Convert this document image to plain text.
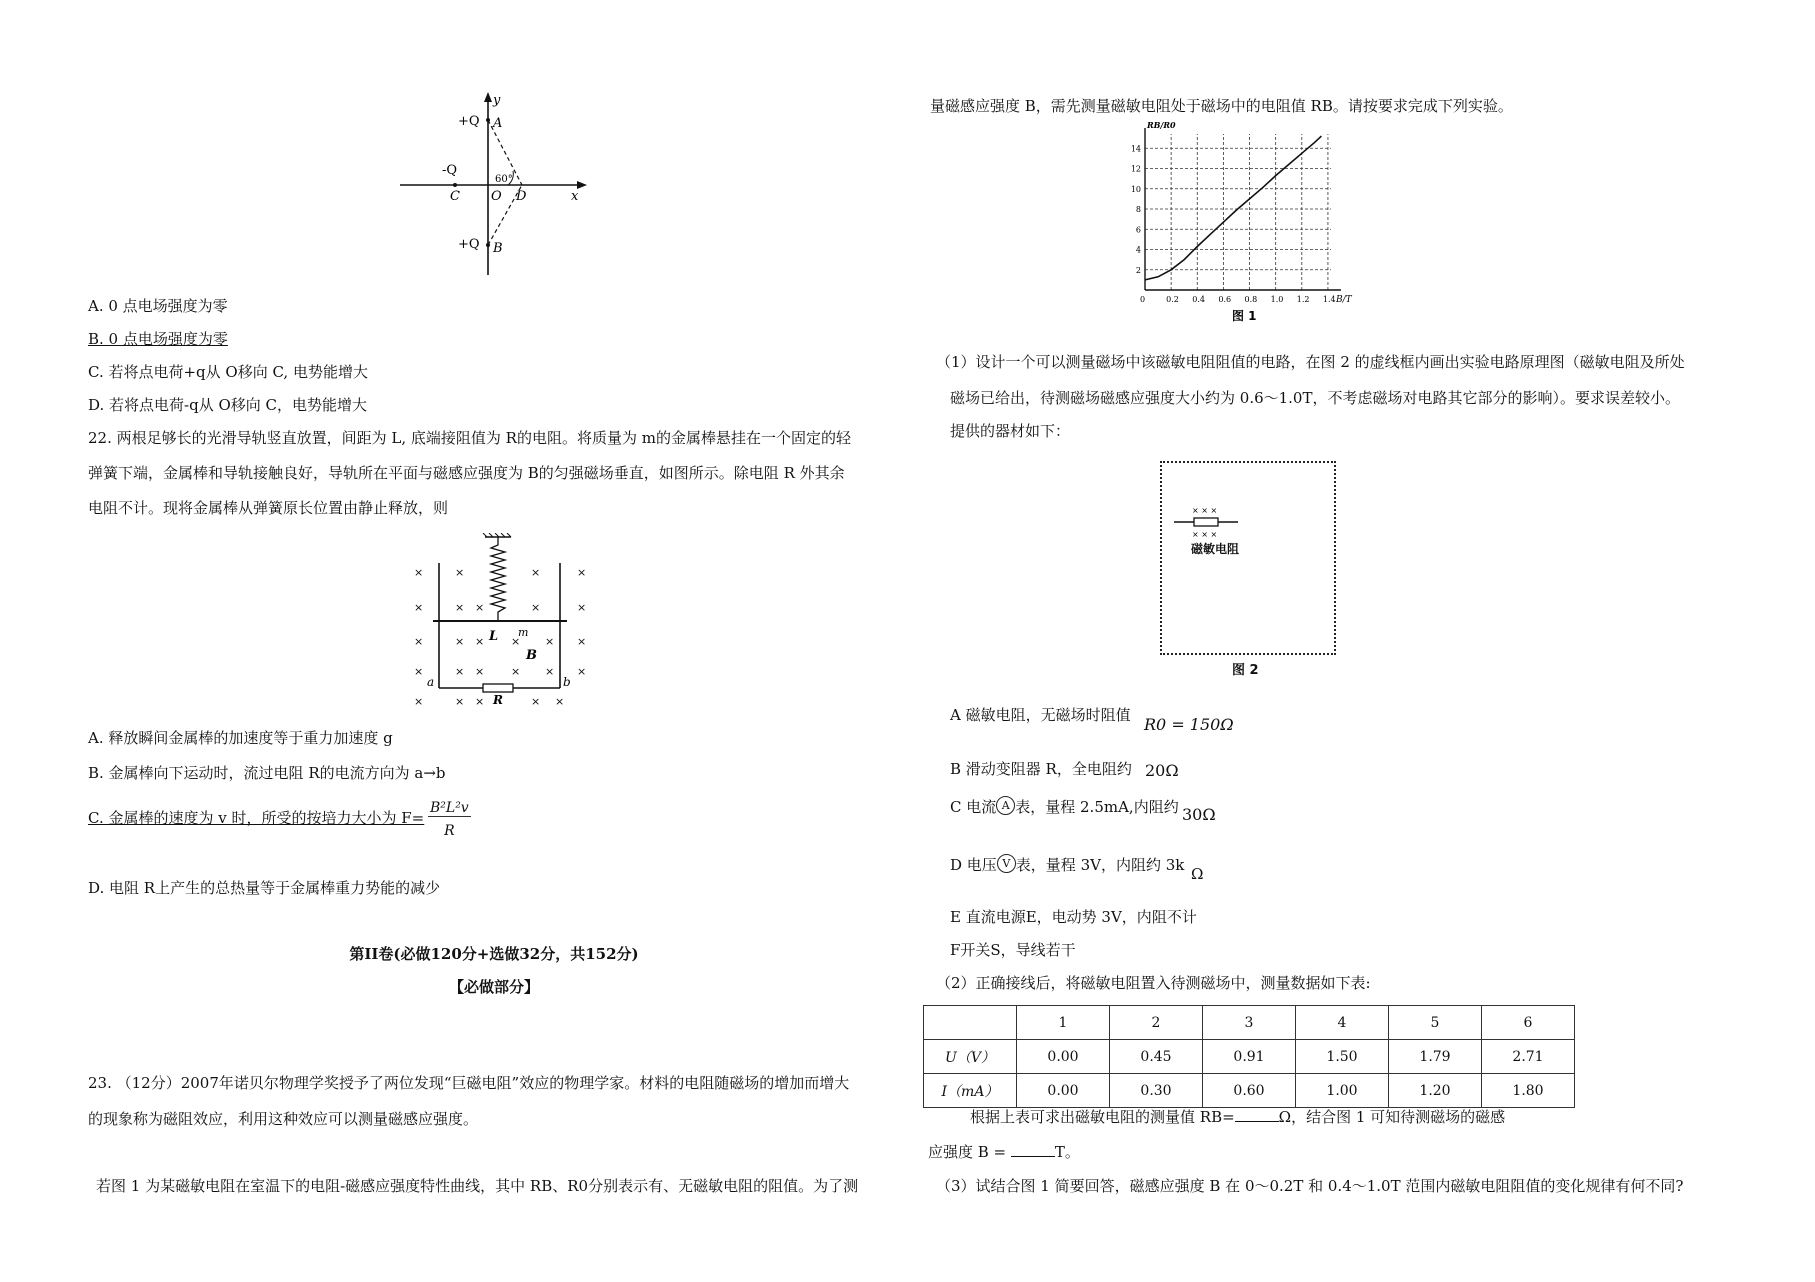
y
x
+Q A
-Q
C O D
60°
+Q B
A. 0 点电场强度为零
B. 0 点电场强度为零
C. 若将点电荷+q从 O移向 C, 电势能增大
D. 若将点电荷-q从 O移向 C，电势能增大
22. 两根足够长的光滑导轨竖直放置，间距为 L, 底端接阻值为 R的电阻。将质量为 m的金属棒悬挂在一个固定的轻
弹簧下端，金属棒和导轨接触良好，导轨所在平面与磁感应强度为 B的匀强磁场垂直，如图所示。除电阻 R 外其余
电阻不计。现将金属棒从弹簧原长位置由静止释放，则
×	×	×	×
×	× ×	×	×
×	× × × × ×
×	× × × × ×
×	× ×	× ×
L m
B
a	b
R
A. 释放瞬间金属棒的加速度等于重力加速度 g
B. 金属棒向下运动时，流过电阻 R的电流方向为 a→b
C. 金属棒的速度为 v 时，所受的按培力大小为 $F= \frac{\text{B²L²v}}{R}$
D. 电阻 R上产生的总热量等于金属棒重力势能的减少
第II卷(必做120分+选做32分，共152分)
【必做部分】
23. （12分）2007年诺贝尔物理学奖授予了两位发现“巨磁电阻”效应的物理学家。材料的电阻随磁场的增加而增大
的现象称为磁阻效应，利用这种效应可以测量磁感应强度。
若图 1 为某磁敏电阻在室温下的电阻-磁感应强度特性曲线，其中 RB、R0分别表示有、无磁敏电阻的阻值。为了测
量磁感应强度 B，需先测量磁敏电阻处于磁场中的电阻值 RB。请按要求完成下列实验。
0	0.2 0.4 0.6 0.8 1.0 1.2 1.4
2
4
6
8
10
12
14
RB/R0
B/T
图 1
（1）设计一个可以测量磁场中该磁敏电阻阻值的电路，在图 2 的虚线框内画出实验电路原理图（磁敏电阻及所处
磁场已给出，待测磁场磁感应强度大小约为 0.6～1.0T，不考虑磁场对电路其它部分的影响）。要求误差较小。
提供的器材如下：
× × ×
× × ×
磁敏电阻
图 2
A 磁敏电阻，无磁场时阻值 R0 = 150Ω
B 滑动变阻器 R，全电阻约 20Ω
C 电流 A 表，量程 2.5mA,内阻约 30Ω
D 电压 V 表，量程 3V，内阻约 3k Ω
E 直流电源E，电动势 3V，内阻不计
F开关S，导线若干
（2）正确接线后，将磁敏电阻置入待测磁场中，测量数据如下表:
	1	2	3	4	5	6
U（V）	0.00	0.45	0.91	1.50	1.79	2.71
I（mA）	0.00	0.30	0.60	1.00	1.20	1.80
根据上表可求出磁敏电阻的测量值 RB=	Ω，结合图 1 可知待测磁场的磁感
应强度 B =	T。
（3）试结合图 1 简要回答，磁感应强度 B 在 0～0.2T 和 0.4～1.0T 范围内磁敏电阻阻值的变化规律有何不同?
